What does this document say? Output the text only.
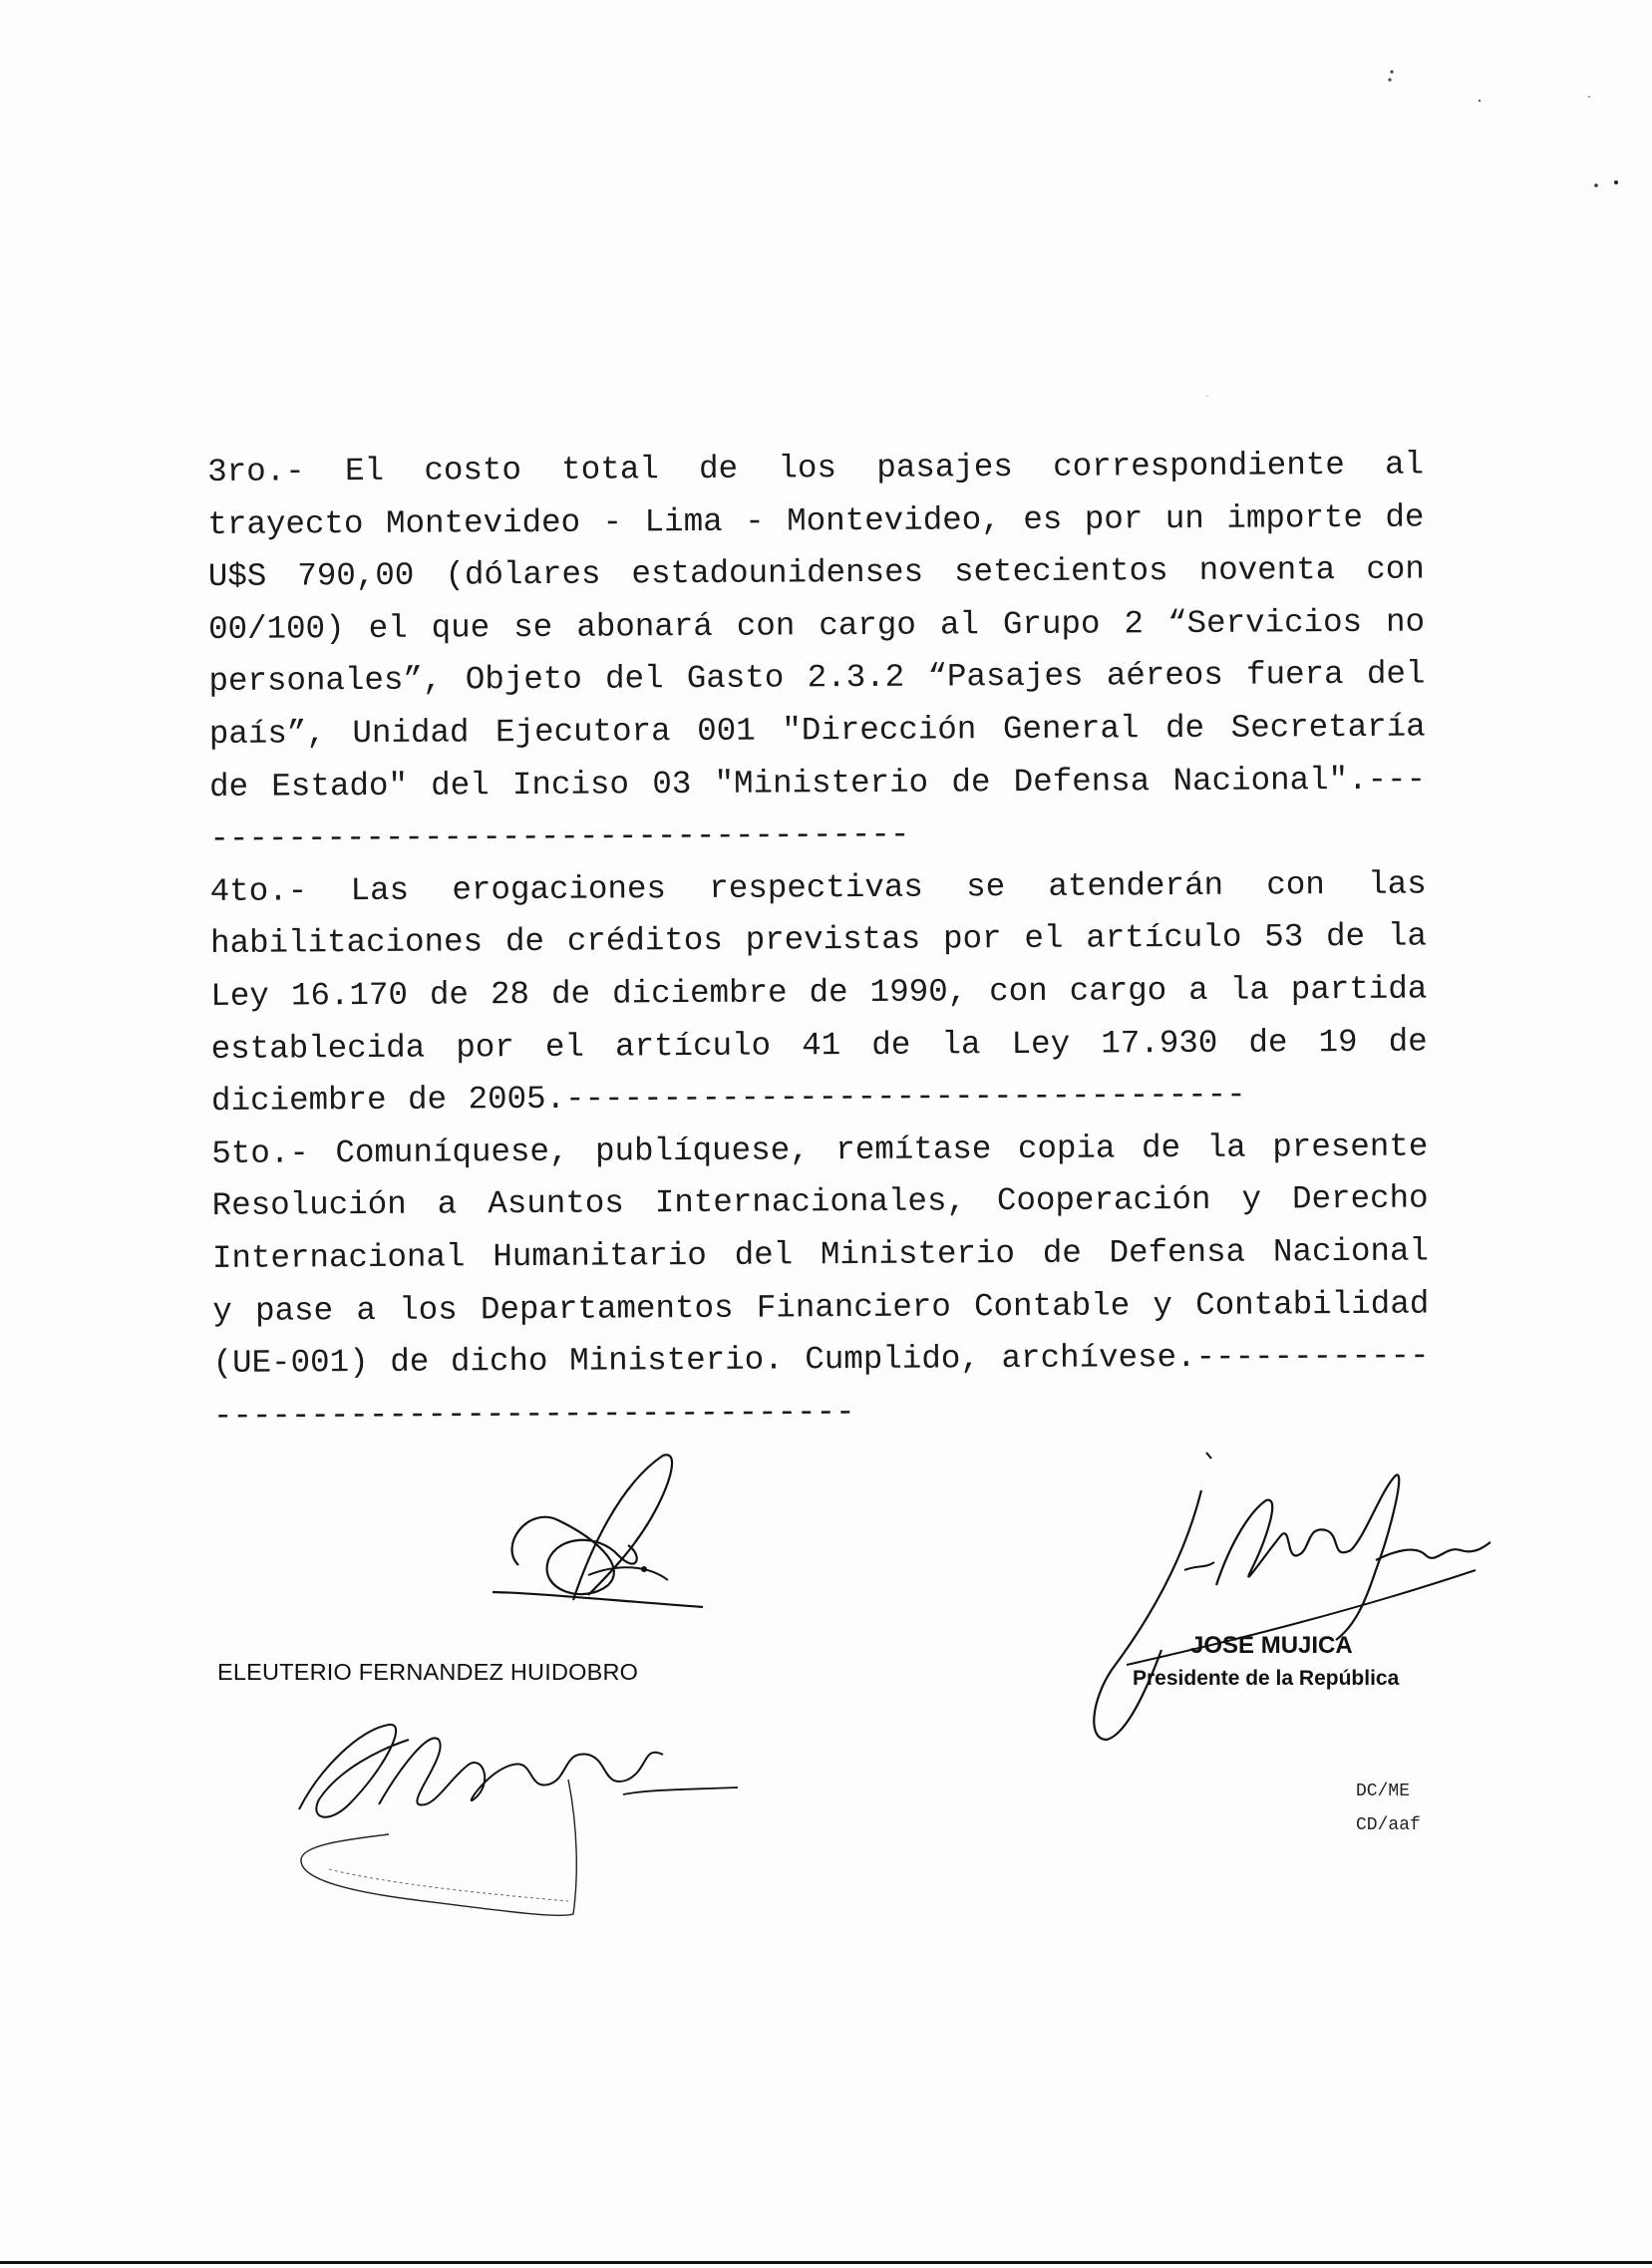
3ro.- El costo total de los pasajes correspondiente al trayecto Montevideo - Lima - Montevideo, es por un importe de U$S 790,00 (dólares estadounidenses setecientos noventa con 00/100) el que se abonará con cargo al Grupo 2 “Servicios no personales”, Objeto del Gasto 2.3.2 “Pasajes aéreos fuera del país”, Unidad Ejecutora 001 "Dirección General de Secretaría de Estado" del Inciso 03 "Ministerio de Defensa Nacional".---------------------------------------

4to.- Las erogaciones respectivas se atenderán con las habilitaciones de créditos previstas por el artículo 53 de la Ley 16.170 de 28 de diciembre de 1990, con cargo a la partida establecida por el artículo 41 de la Ley 17.930 de 19 de diciembre de 2005.-----------------------------------

5to.- Comuníquese, publíquese, remítase copia de la presente Resolución a Asuntos Internacionales, Cooperación y Derecho Internacional Humanitario del Ministerio de Defensa Nacional y pase a los Departamentos Financiero Contable y Contabilidad (UE-001) de dicho Ministerio. Cumplido, archívese.---------------------------------------------

ELEUTERIO FERNANDEZ HUIDOBRO
JOSE MUJICA
Presidente de la República
DC/ME
CD/aaf
